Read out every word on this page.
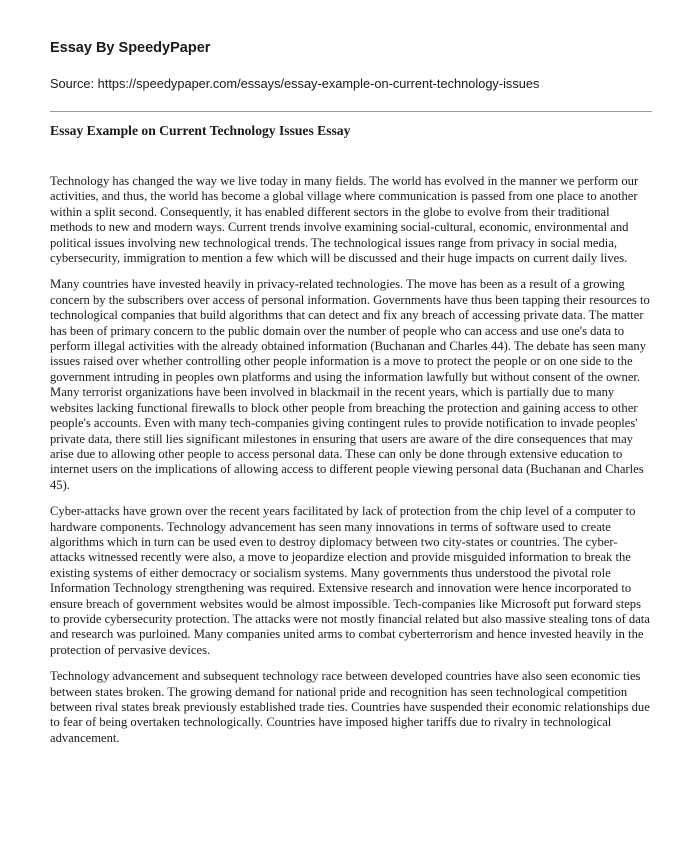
Essay By SpeedyPaper
Source: https://speedypaper.com/essays/essay-example-on-current-technology-issues
Essay Example on Current Technology Issues Essay

Technology has changed the way we live today in many fields. The world has evolved in the manner we perform our activities, and thus, the world has become a global village where communication is passed from one place to another within a split second. Consequently, it has enabled different sectors in the globe to evolve from their traditional methods to new and modern ways. Current trends involve examining social-cultural, economic, environmental and political issues involving new technological trends. The technological issues range from privacy in social media, cybersecurity, immigration to mention a few which will be discussed and their huge impacts on current daily lives.

Many countries have invested heavily in privacy-related technologies. The move has been as a result of a growing concern by the subscribers over access of personal information. Governments have thus been tapping their resources to technological companies that build algorithms that can detect and fix any breach of accessing private data. The matter has been of primary concern to the public domain over the number of people who can access and use one's data to perform illegal activities with the already obtained information (Buchanan and Charles 44). The debate has seen many issues raised over whether controlling other people information is a move to protect the people or on one side to the government intruding in peoples own platforms and using the information lawfully but without consent of the owner. Many terrorist organizations have been involved in blackmail in the recent years, which is partially due to many websites lacking functional firewalls to block other people from breaching the protection and gaining access to other people's accounts. Even with many tech-companies giving contingent rules to provide notification to invade peoples' private data, there still lies significant milestones in ensuring that users are aware of the dire consequences that may arise due to allowing other people to access personal data. These can only be done through extensive education to internet users on the implications of allowing access to different people viewing personal data (Buchanan and Charles 45).

Cyber-attacks have grown over the recent years facilitated by lack of protection from the chip level of a computer to hardware components. Technology advancement has seen many innovations in terms of software used to create algorithms which in turn can be used even to destroy diplomacy between two city-states or countries. The cyber-attacks witnessed recently were also, a move to jeopardize election and provide misguided information to break the existing systems of either democracy or socialism systems. Many governments thus understood the pivotal role Information Technology strengthening was required. Extensive research and innovation were hence incorporated to ensure breach of government websites would be almost impossible. Tech-companies like Microsoft put forward steps to provide cybersecurity protection. The attacks were not mostly financial related but also massive stealing tons of data and research was purloined. Many companies united arms to combat cyberterrorism and hence invested heavily in the protection of pervasive devices.

Technology advancement and subsequent technology race between developed countries have also seen economic ties between states broken. The growing demand for national pride and recognition has seen technological competition between rival states break previously established trade ties. Countries have suspended their economic relationships due to fear of being overtaken technologically. Countries have imposed higher tariffs due to rivalry in technological advancement.
